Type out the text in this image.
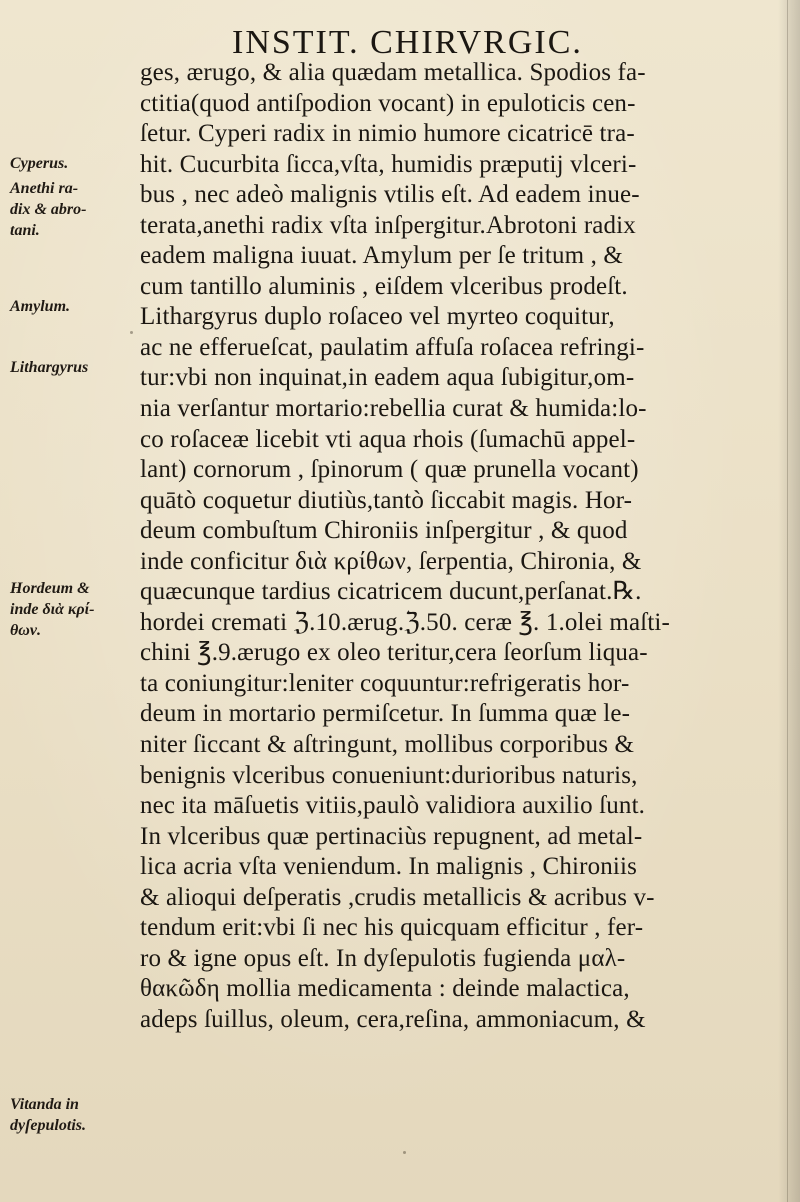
INSTIT. CHIRVRGIC.
Cyperus.
Anethi ra-
dix & abro-
tani.
Amylum.
Lithargyrus
Hordeum &
inde διὰ κρί-
θων.
Vitanda in
dyſepulotis.
ges, ærugo, & alia quædam metallica. Spodios fa-
ctitia(quod antiſpodion vocant) in epuloticis cen-
ſetur. Cyperi radix in nimio humore cicatricē tra-
hit. Cucurbita ſicca,vſta, humidis præputij vlceri-
bus , nec adeò malignis vtilis eſt. Ad eadem inue-
terata,anethi radix vſta inſpergitur.Abrotoni radix
eadem maligna iuuat. Amylum per ſe tritum , &
cum tantillo aluminis , eiſdem vlceribus prodeſt.
Lithargyrus duplo roſaceo vel myrteo coquitur,
ac ne efferueſcat, paulatim affuſa roſacea refringi-
tur:vbi non inquinat,in eadem aqua ſubigitur,om-
nia verſantur mortario:rebellia curat & humida:lo-
co roſaceæ licebit vti aqua rhois (ſumachū appel-
lant) cornorum , ſpinorum ( quæ prunella vocant)
quātò coquetur diutiùs,tantò ſiccabit magis. Hor-
deum combuſtum Chironiis inſpergitur , & quod
inde conficitur διὰ κρίθων, ſerpentia, Chironia, &
quæcunque tardius cicatricem ducunt,perſanat.℞.
hordei cremati ℨ.10.ærug.ℨ.50. ceræ ℥. 1.olei maſti-
chini ℥.9.ærugo ex oleo teritur,cera ſeorſum liqua-
ta coniungitur:leniter coquuntur:refrigeratis hor-
deum in mortario permiſcetur. In ſumma quæ le-
niter ſiccant & aſtringunt, mollibus corporibus &
benignis vlceribus conueniunt:durioribus naturis,
nec ita māſuetis vitiis,paulò validiora auxilio ſunt.
In vlceribus quæ pertinaciùs repugnent, ad metal-
lica acria vſta veniendum. In malignis , Chironiis
& alioqui deſperatis ,crudis metallicis & acribus v-
tendum erit:vbi ſi nec his quicquam efficitur , fer-
ro & igne opus eſt. In dyſepulotis fugienda μαλ-
θακῶδη mollia medicamenta : deinde malactica,
adeps ſuillus, oleum, cera,reſina, ammoniacum, &
